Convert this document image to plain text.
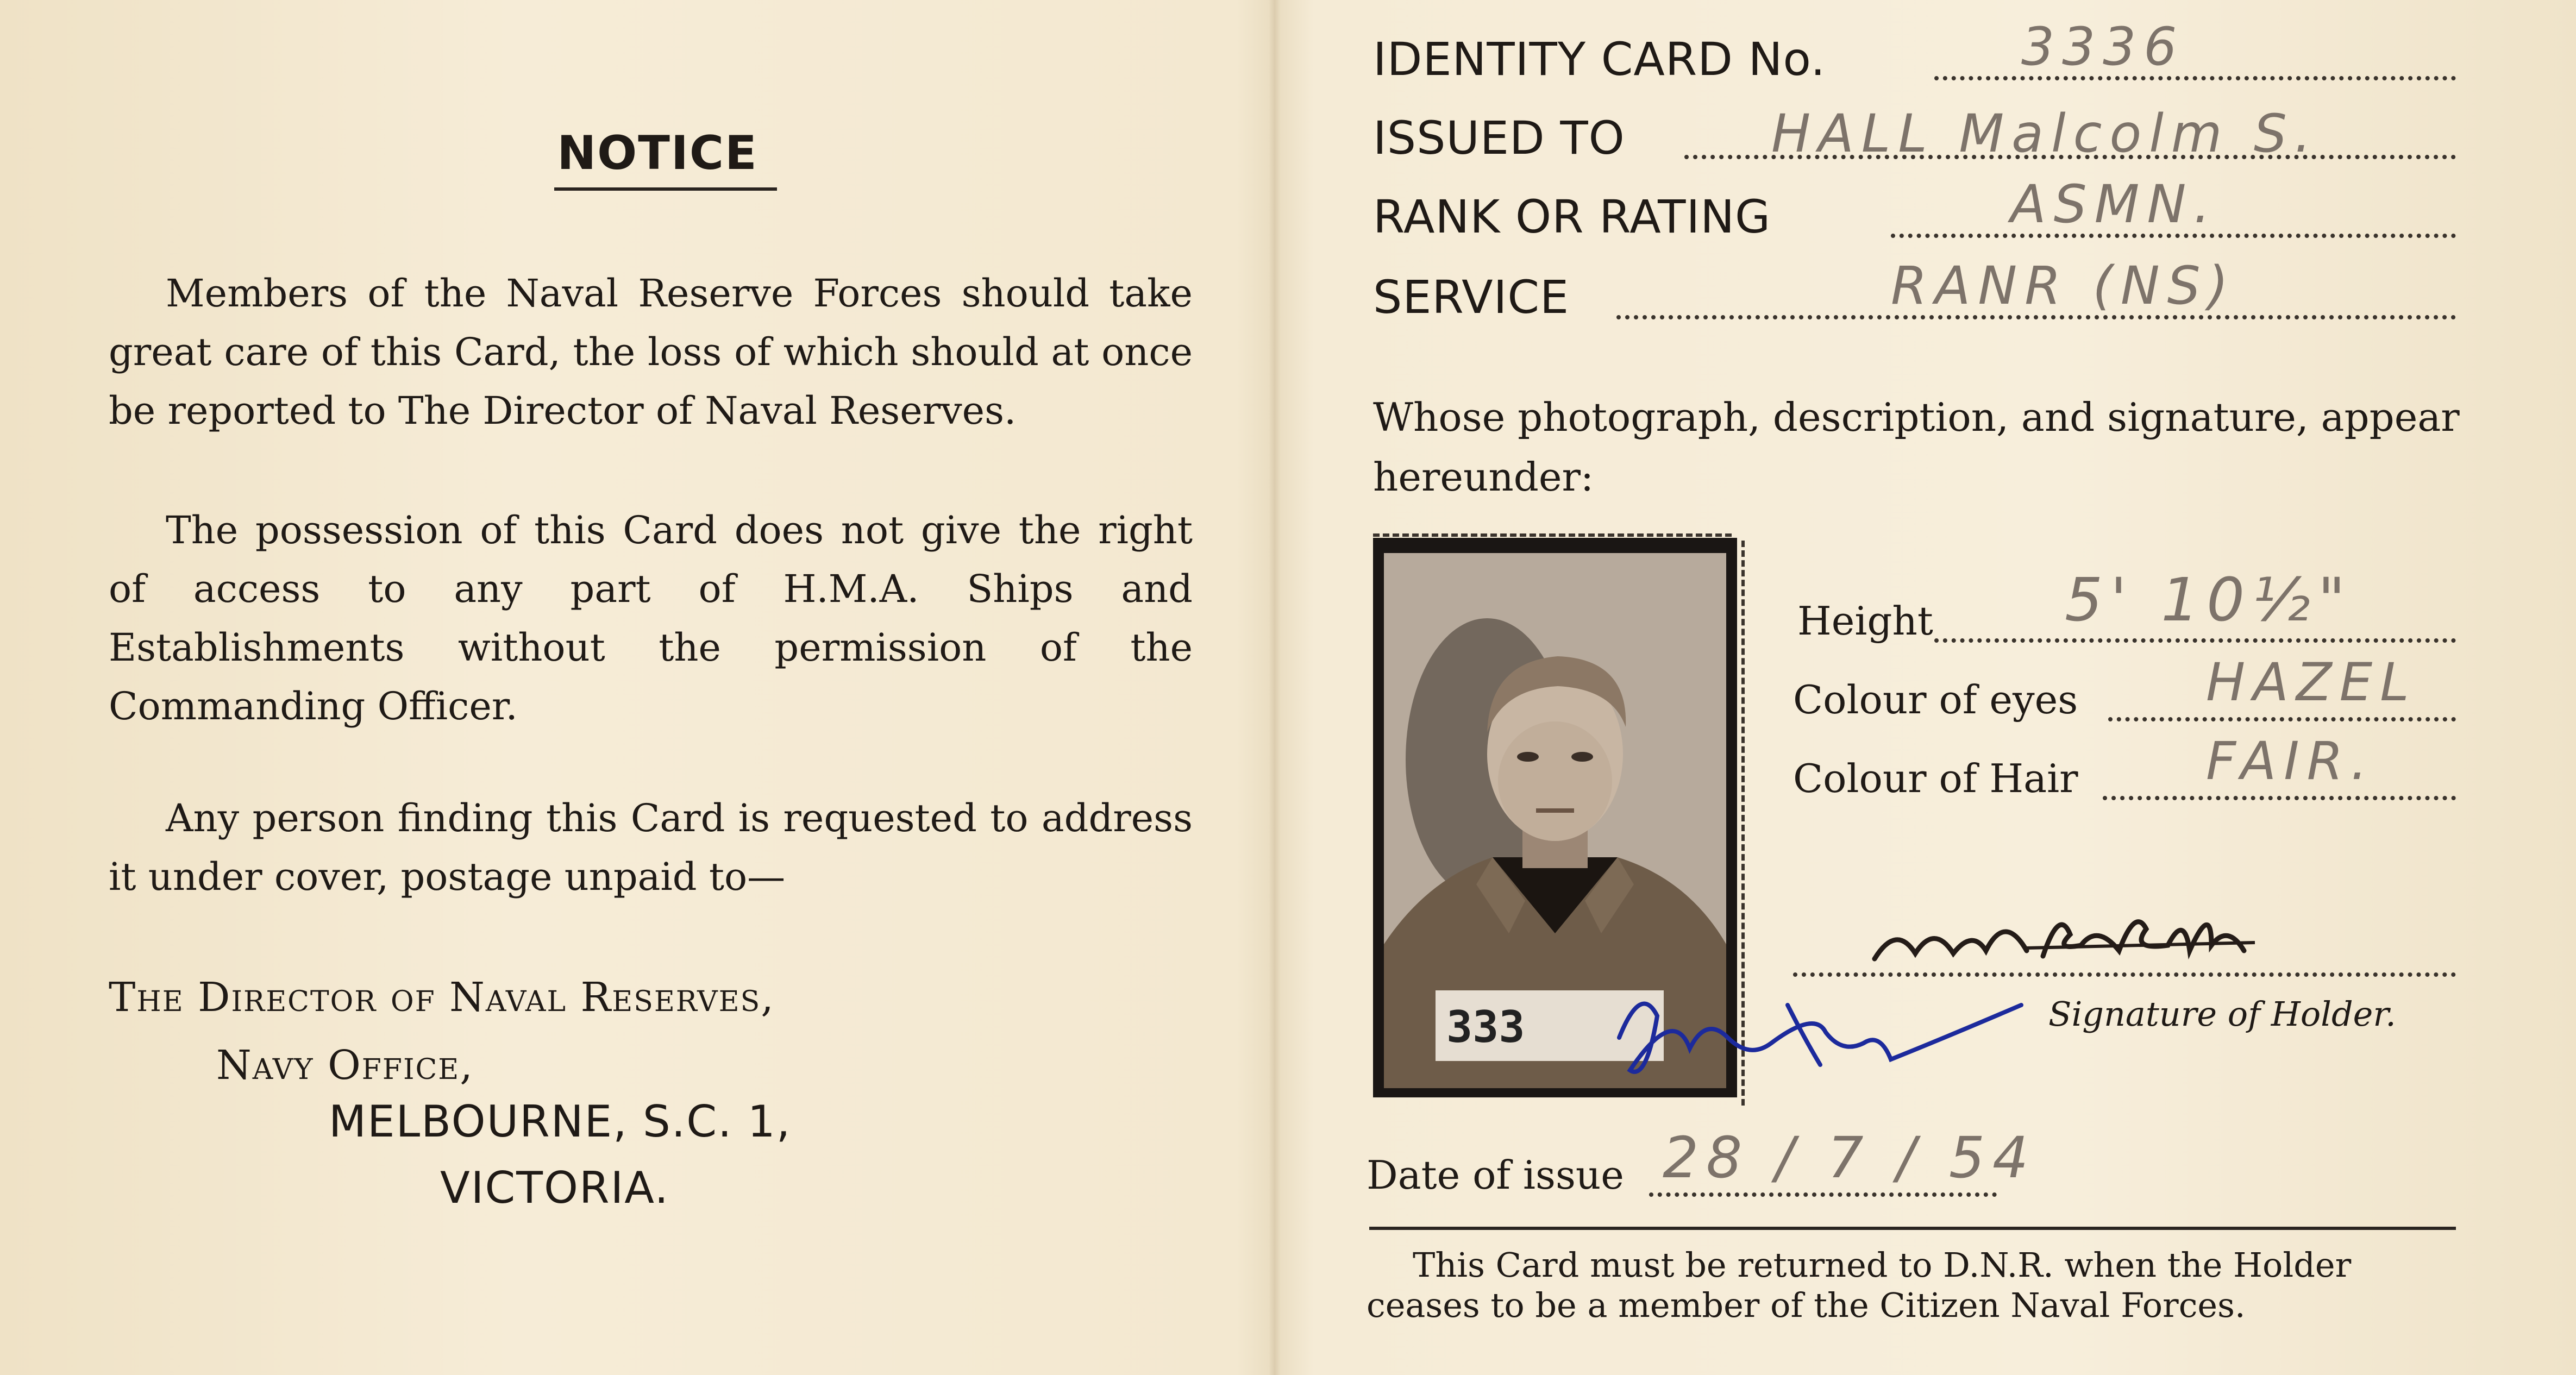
NOTICE
Members of the Naval Reserve Forces should take great care of this Card, the loss of which should at once be reported to The Director of Naval Reserves.
The possession of this Card does not give the right of access to any part of H.M.A. Ships and Establishments without the permission of the Commanding Officer.
Any person finding this Card is requested to address it under cover, postage unpaid to—
The Director of Naval Reserves,
Navy Office,
MELBOURNE, S.C. 1,
VICTORIA.
IDENTITY CARD No.	3336
ISSUED TO	HALL Malcolm S.
RANK OR RATING	ASMN.
SERVICE	RANR (NS)
Whose photograph, description, and signature, appear
hereunder:
333
Height 5' 10½"
Colour of eyes HAZEL
Colour of Hair FAIR.
Signature of Holder.
Date of issue 28 / 7 / 54
This Card must be returned to D.N.R. when the Holder
ceases to be a member of the Citizen Naval Forces.
